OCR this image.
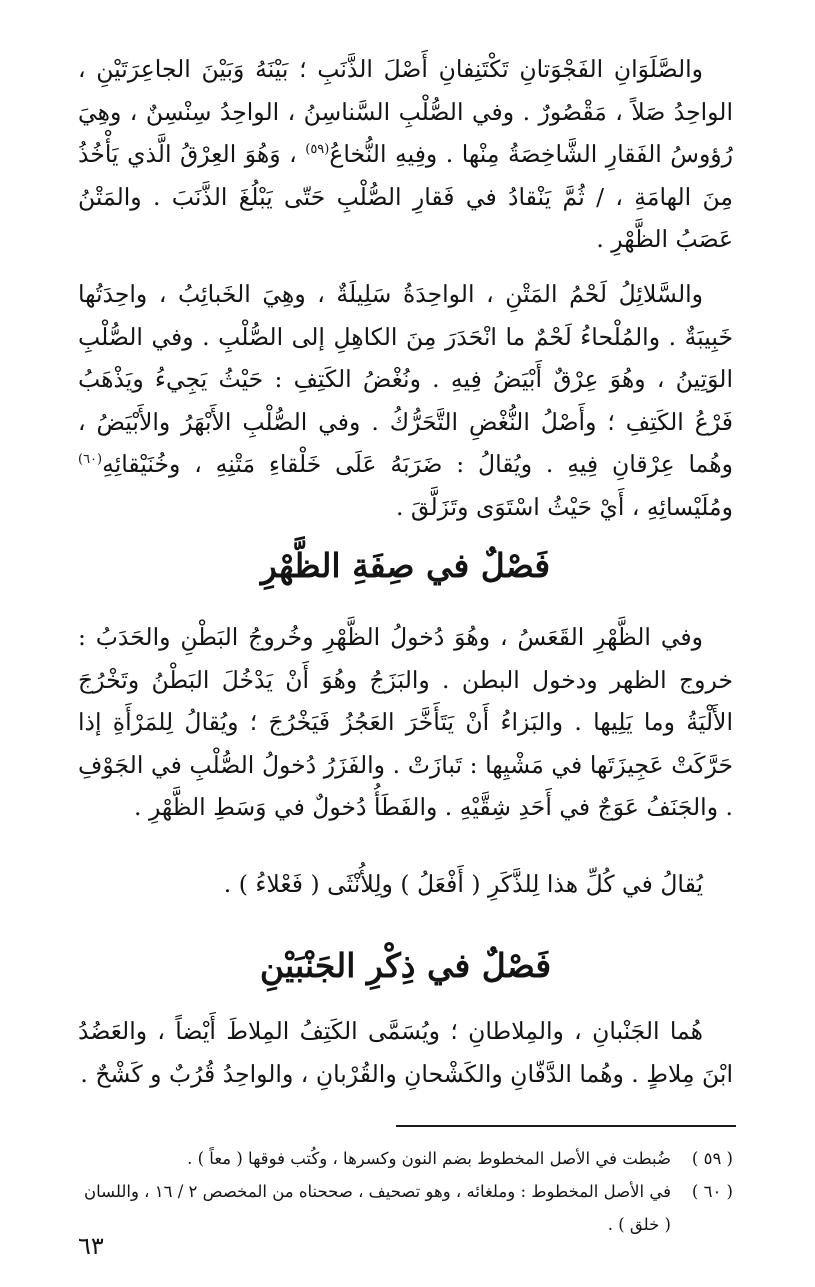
والصَّلَوَانِ الفَجْوَتانِ تَكْتَنِفانِ أَصْلَ الذَّنَبِ ؛ بَيْنَهُ وَبَيْنَ الجاعِرَتَيْنِ ، الواحِدُ صَلاً ، مَقْصُورٌ . وفي الصُّلْبِ السَّناسِنُ ، الواحِدُ سِنْسِنٌ ، وهِيَ رُؤوسُ الفَقارِ الشَّاخِصَةُ مِنْها . وفِيهِ النُّخاعُ$^{(٥٩)}$ ، وَهُوَ العِرْقُ الَّذي يَأْخُذُ مِنَ الهامَةِ ، / ثُمَّ يَنْقادُ في فَقارِ الصُّلْبِ حَتّى يَبْلُغَ الذَّنَبَ . والمَتْنُ عَصَبُ الظَّهْرِ .

والسَّلائِلُ لَحْمُ المَتْنِ ، الواحِدَةُ سَلِيلَةٌ ، وهِيَ الخَبائِبُ ، واحِدَتُها خَبِيبَةٌ . والمُلْحاءُ لَحْمٌ ما انْحَدَرَ مِنَ الكاهِلِ إلى الصُّلْبِ . وفي الصُّلْبِ الوَتِينُ ، وهُوَ عِرْقٌ أَبْيَضُ فِيهِ . ونُغْضُ الكَتِفِ : حَيْثُ يَجِيءُ ويَذْهَبُ فَرْعُ الكَتِفِ ؛ وأَصْلُ النُّغْضِ التَّحَرُّكُ . وفي الصُّلْبِ الأَبْهَرُ والأَبْيَضُ ، وهُما عِرْقانِ فِيهِ . ويُقالُ : ضَرَبَهُ عَلَى خَلْقاءِ مَتْنِهِ ، وخُنَيْقائِهِ$^{(٦٠)}$ ومُلَيْسائِهِ ، أَيْ حَيْثُ اسْتَوَى وتَزَلَّقَ .

فَصْلٌ في صِفَةِ الظَّهْرِ

وفي الظَّهْرِ القَعَسُ ، وهُوَ دُخولُ الظَّهْرِ وخُروجُ البَطْنِ والحَدَبُ : خروج الظهر ودخول البطن . والبَزَجُ وهُوَ أَنْ يَدْخُلَ البَطْنُ وتَخْرُجَ الأَلْيَةُ وما يَلِيها . والبَزاءُ أَنْ يَتَأَخَّرَ العَجُزُ فَيَخْرُجَ ؛ ويُقالُ لِلمَرْأَةِ إذا حَرَّكَتْ عَجِيزَتَها في مَشْيِها : تَبازَتْ . والفَزَرُ دُخولُ الصُّلْبِ في الجَوْفِ . والجَنَفُ عَوَجٌ في أَحَدِ شِقَّيْهِ . والفَطَأُ دُخولٌ في وَسَطِ الظَّهْرِ .

يُقالُ في كُلِّ هذا لِلذَّكَرِ ( أَفْعَلُ ) ولِلأُنْثَى ( فَعْلاءُ ) .

فَصْلٌ في ذِكْرِ الجَنْبَيْنِ

هُما الجَنْبانِ ، والمِلاطانِ ؛ ويُسَمَّى الكَتِفُ المِلاطَ أَيْضاً ، والعَضُدُ ابْنَ مِلاطٍ . وهُما الدَّفّانِ والكَشْحانِ والقُرْبانِ ، والواحِدُ قُرُبٌ و كَشْحٌ .

( ٥٩ )
ضُبطت في الأصل المخطوط بضم النون وكسرها ، وكُتب فوقها ( معاً ) .
( ٦٠ )
في الأصل المخطوط : وملغائه ، وهو تصحيف ، صححناه من المخصص ٢ / ١٦ ، واللسان ( خلق ) .
٦٣
